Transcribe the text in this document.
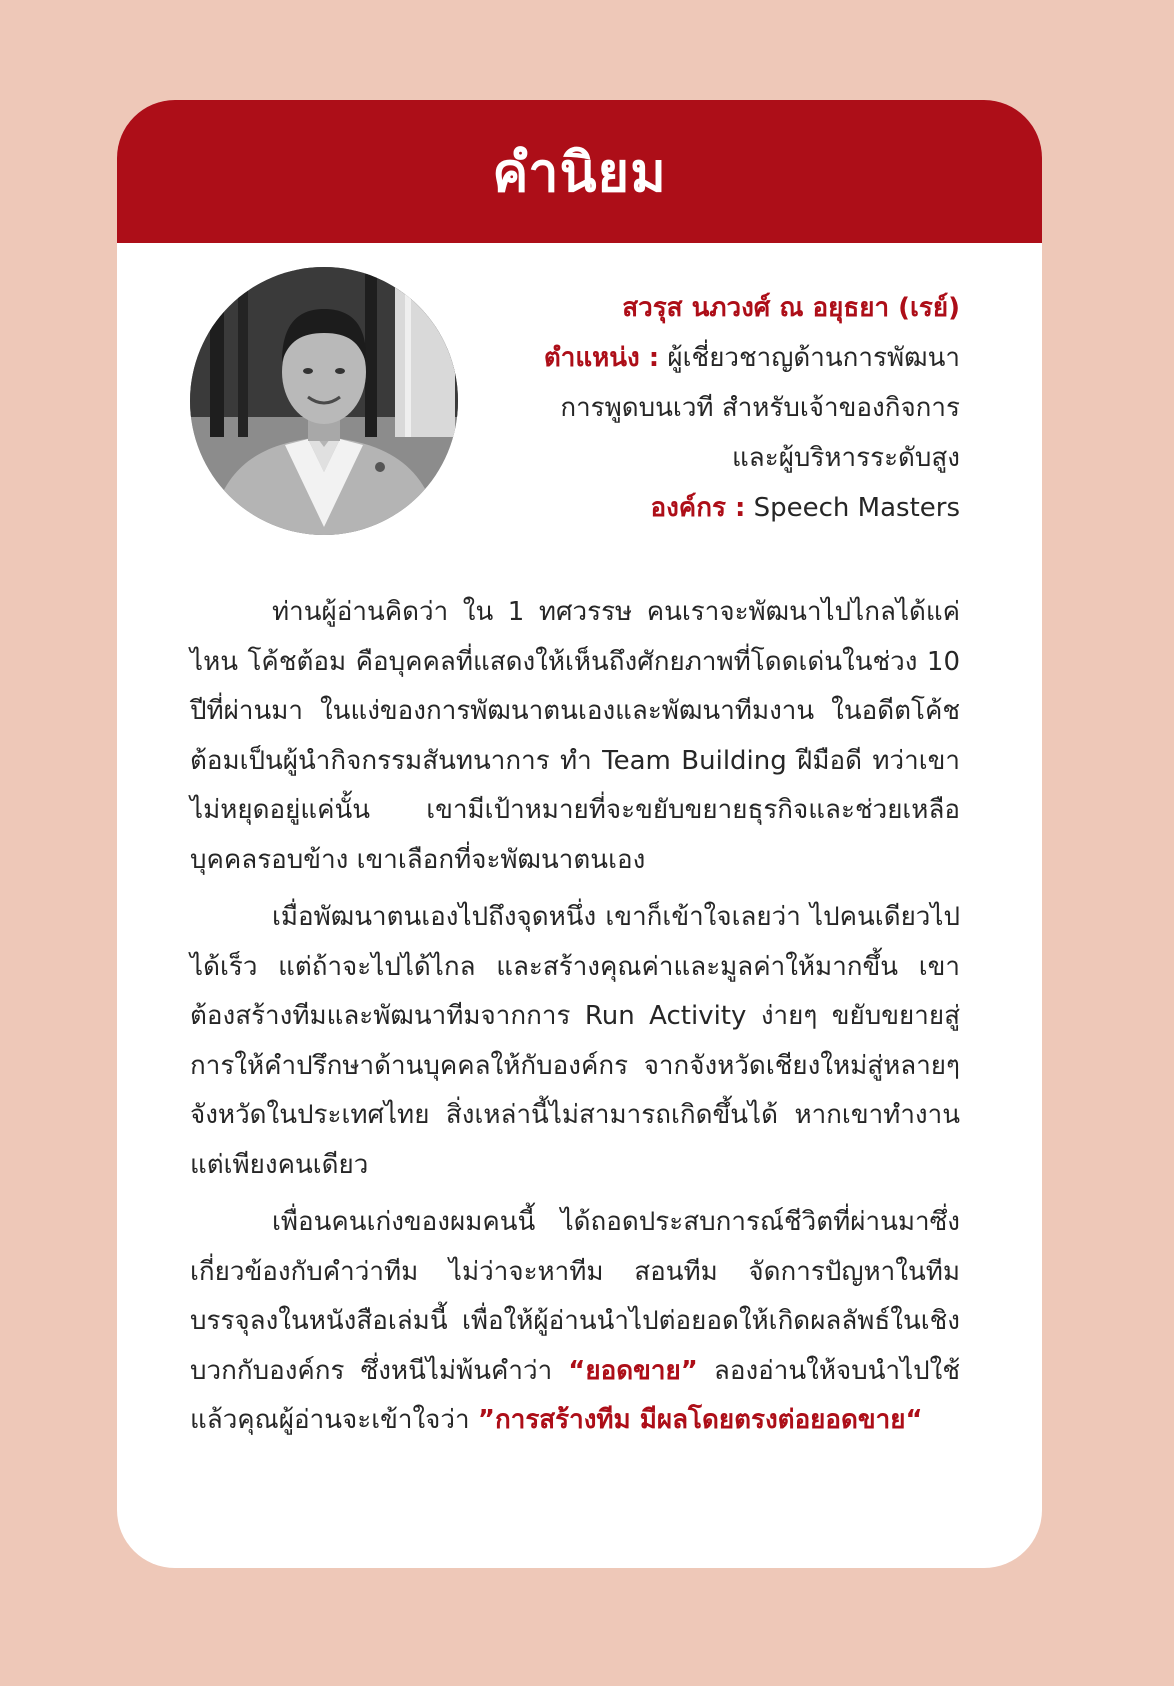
คำนิยม
สวรุส นภวงศ์ ณ อยุธยา (เรย์)
ตำแหน่ง : ผู้เชี่ยวชาญด้านการพัฒนา
การพูดบนเวที สำหรับเจ้าของกิจการ
และผู้บริหารระดับสูง
องค์กร : Speech Masters

ท่านผู้อ่านคิดว่า ใน 1 ทศวรรษ คนเราจะพัฒนาไปไกลได้แค่ไหน โค้ชต้อม คือบุคคลที่แสดงให้เห็นถึงศักยภาพที่โดดเด่นในช่วง 10 ปีที่ผ่านมา ในแง่ของการพัฒนาตนเองและพัฒนาทีมงาน ในอดีตโค้ชต้อมเป็นผู้นำกิจกรรมสันทนาการ ทำ Team Building ฝีมือดี ทว่าเขาไม่หยุดอยู่แค่นั้น เขามีเป้าหมายที่จะขยับขยายธุรกิจและช่วยเหลือบุคคลรอบข้าง เขาเลือกที่จะพัฒนาตนเอง

เมื่อพัฒนาตนเองไปถึงจุดหนึ่ง เขาก็เข้าใจเลยว่า ไปคนเดียวไปได้เร็ว แต่ถ้าจะไปได้ไกล และสร้างคุณค่าและมูลค่าให้มากขึ้น เขาต้องสร้างทีมและพัฒนาทีมจากการ Run Activity ง่ายๆ ขยับขยายสู่การให้คำปรึกษาด้านบุคคลให้กับองค์กร จากจังหวัดเชียงใหม่สู่หลายๆ จังหวัดในประเทศไทย สิ่งเหล่านี้ไม่สามารถเกิดขึ้นได้ หากเขาทำงานแต่เพียงคนเดียว

เพื่อนคนเก่งของผมคนนี้ ได้ถอดประสบการณ์ชีวิตที่ผ่านมาซึ่งเกี่ยวข้องกับคำว่าทีม ไม่ว่าจะหาทีม สอนทีม จัดการปัญหาในทีม บรรจุลงในหนังสือเล่มนี้ เพื่อให้ผู้อ่านนำไปต่อยอดให้เกิดผลลัพธ์ในเชิงบวกกับองค์กร ซึ่งหนีไม่พ้นคำว่า “ยอดขาย” ลองอ่านให้จบนำไปใช้ แล้วคุณผู้อ่านจะเข้าใจว่า ”การสร้างทีม มีผลโดยตรงต่อยอดขาย“
